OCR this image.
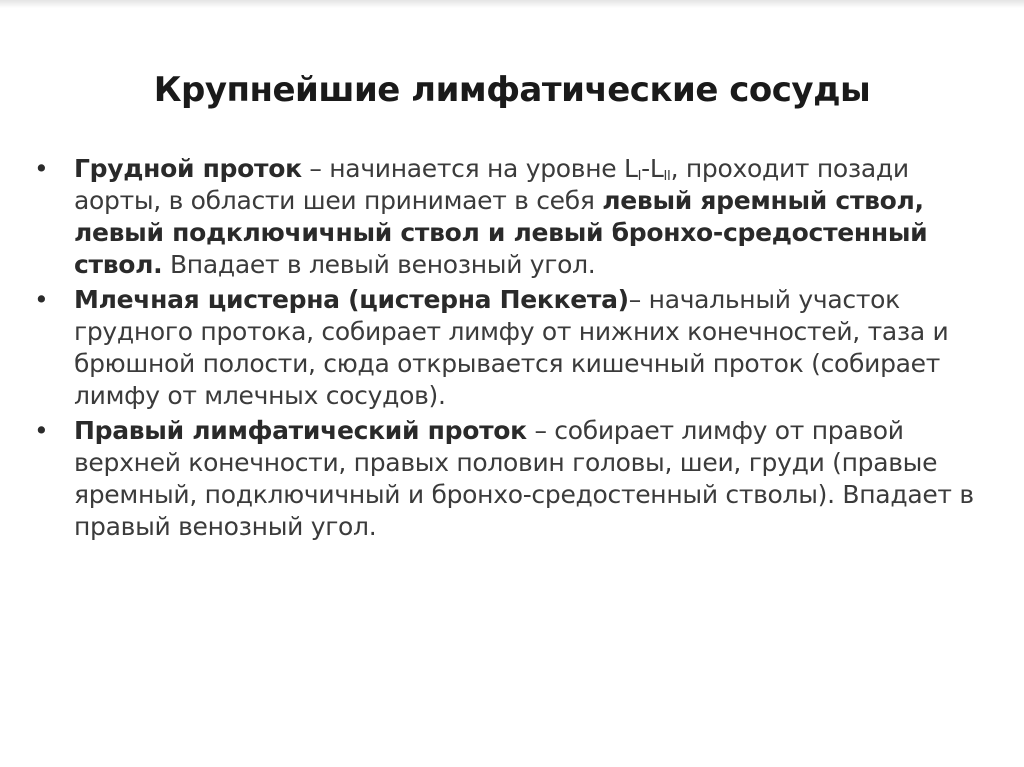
Крупнейшие лимфатические сосуды
• Грудной проток – начинается на уровне $L_I-L_{II}$, проходит позади аорты, в области шеи принимает в себя левый яремный ствол, левый подключичный ствол и левый бронхо-средостенный ствол. Впадает в левый венозный угол.
• Млечная цистерна (цистерна Пеккета)– начальный участок грудного протока, собирает лимфу от нижних конечностей, таза и брюшной полости, сюда открывается кишечный проток (собирает лимфу от млечных сосудов).
• Правый лимфатический проток – собирает лимфу от правой верхней конечности, правых половин головы, шеи, груди (правые яремный, подключичный и бронхо-средостенный стволы). Впадает в правый венозный угол.
